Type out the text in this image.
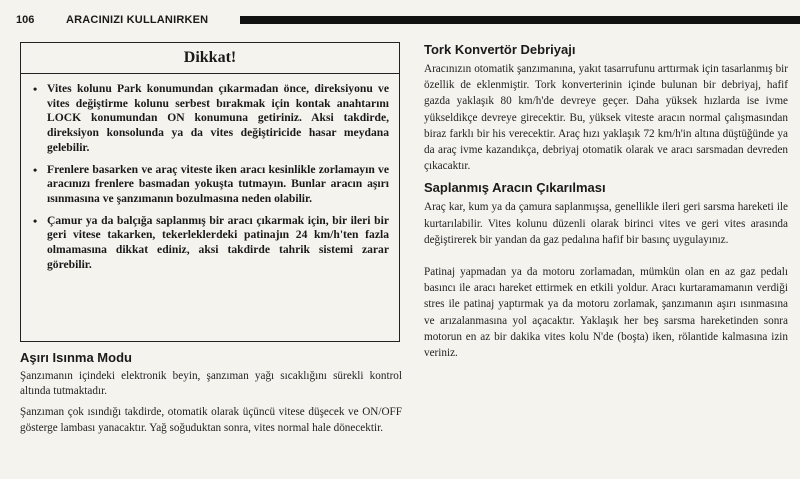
106	ARACINIZI KULLANIRKEN
Dikkat!
• Vites kolunu Park konumundan çıkarmadan önce, direksiyonu ve vites değiştirme kolunu serbest bırakmak için kontak anahtarını LOCK konumundan ON konumuna getiriniz. Aksi takdirde, direksiyon konsolunda ya da vites değiştiricide hasar meydana gelebilir.
• Frenlere basarken ve araç viteste iken aracı kesinlikle zorlamayın ve aracınızı frenlere basmadan yokuşta tutmayın. Bunlar aracın aşırı ısınmasına ve şanzımanın bozulmasına neden olabilir.
• Çamur ya da balçığa saplanmış bir aracı çıkarmak için, bir ileri bir geri vitese takarken, tekerleklerdeki patinajın 24 km/h'ten fazla olmamasına dikkat ediniz, aksi takdirde tahrik sistemi zarar görebilir.
Aşırı Isınma Modu

Şanzımanın içindeki elektronik beyin, şanzıman yağı sıcaklığını sürekli kontrol altında tutmaktadır.

Şanzıman çok ısındığı takdirde, otomatik olarak üçüncü vitese düşecek ve ON/OFF gösterge lambası yanacaktır. Yağ soğuduktan sonra, vites normal hale dönecektir.

Tork Konvertör Debriyajı

Aracınızın otomatik şanzımanına, yakıt tasarrufunu arttırmak için tasarlanmış bir özellik de eklenmiştir. Tork konverterinin içinde bulunan bir debriyaj, hafif gazda yaklaşık 80 km/h'de devreye geçer. Daha yüksek hızlarda ise ivme yükseldikçe devreye girecektir. Bu, yüksek viteste aracın normal çalışmasından biraz farklı bir his verecektir. Araç hızı yaklaşık 72 km/h'in altına düştüğünde ya da araç ivme kazandıkça, debriyaj otomatik olarak ve aracı sarsmadan devreden çıkacaktır.

Saplanmış Aracın Çıkarılması

Araç kar, kum ya da çamura saplanmışsa, genellikle ileri geri sarsma hareketi ile kurtarılabilir. Vites kolunu düzenli olarak birinci vites ve geri vites arasında değiştirerek bir yandan da gaz pedalına hafif bir basınç uygulayınız.

Patinaj yapmadan ya da motoru zorlamadan, mümkün olan en az gaz pedalı basıncı ile aracı hareket ettirmek en etkili yoldur. Aracı kurtaramamanın verdiği stres ile patinaj yaptırmak ya da motoru zorlamak, şanzımanın aşırı ısınmasına ve arızalanmasına yol açacaktır. Yaklaşık her beş sarsma hareketinden sonra motorun en az bir dakika vites kolu N'de (boşta) iken, rölantide kalmasına izin veriniz.
